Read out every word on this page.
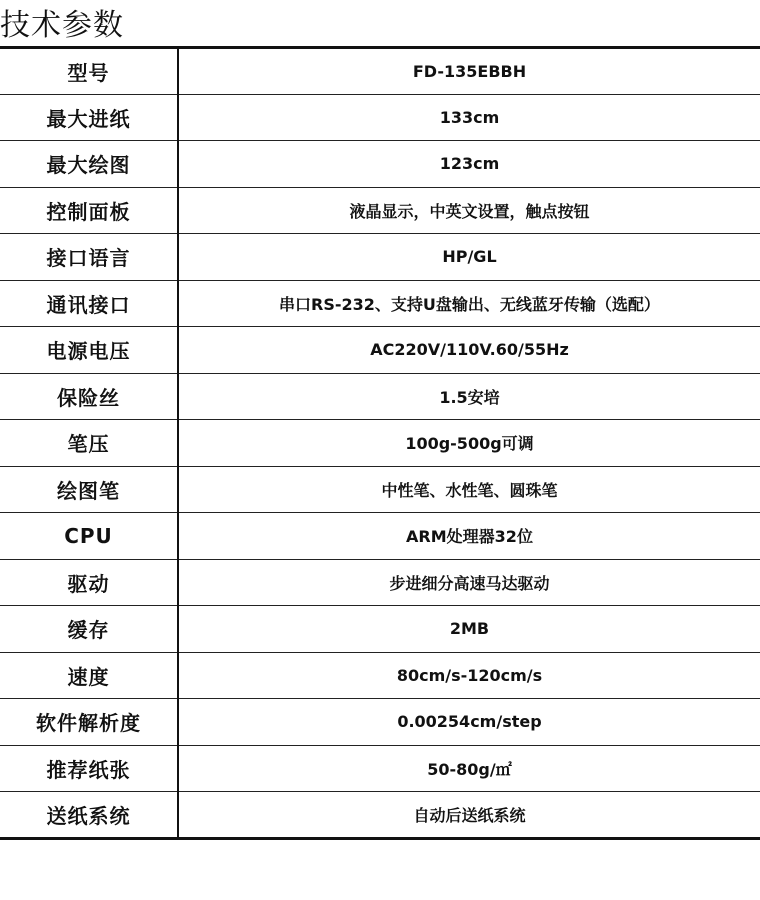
技术参数
型号	FD-135EBBH
最大进纸	133cm
最大绘图	123cm
控制面板	液晶显示，中英文设置，触点按钮
接口语言	HP/GL
通讯接口	串口RS-232、支持U盘输出、无线蓝牙传输（选配）
电源电压	AC220V/110V.60/55Hz
保险丝	1.5安培
笔压	100g-500g可调
绘图笔	中性笔、水性笔、圆珠笔
CPU	ARM处理器32位
驱动	步进细分高速马达驱动
缓存	2MB
速度	80cm/s-120cm/s
软件解析度	0.00254cm/step
推荐纸张	50-80g/㎡
送纸系统	自动后送纸系统
